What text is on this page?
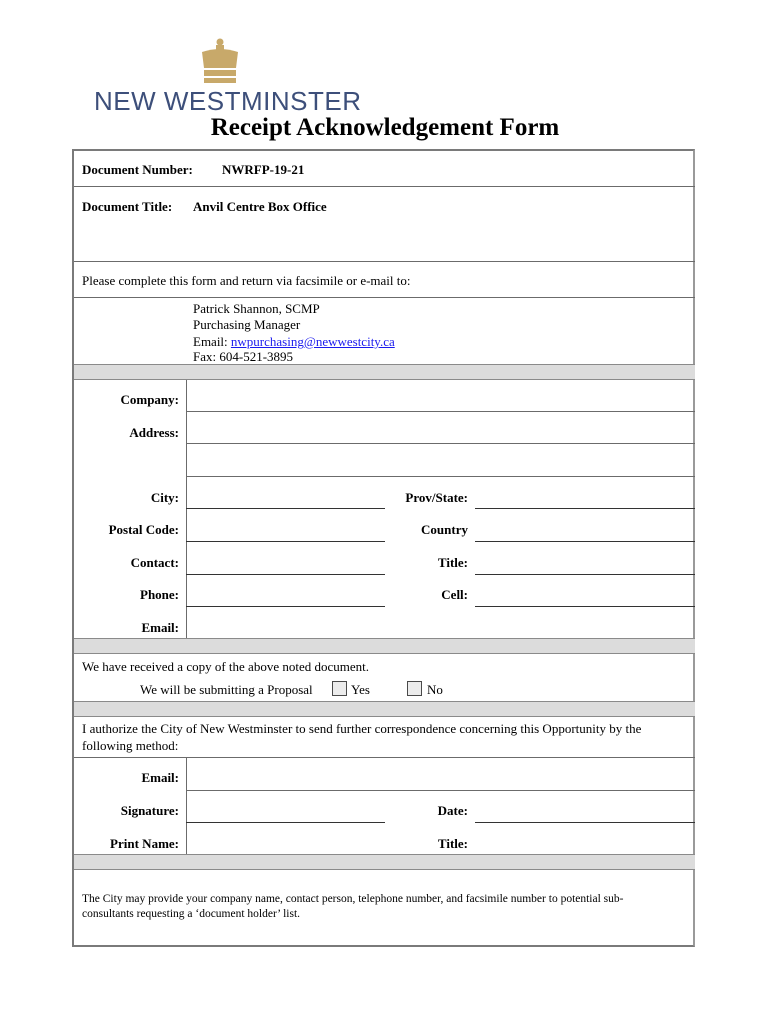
NEW WESTMINSTER
Receipt Acknowledgement Form
Document Number: NWRFP-19-21
Document Title: Anvil Centre Box Office
Please complete this form and return via facsimile or e-mail to:
Patrick Shannon, SCMP
Purchasing Manager
Email: nwpurchasing@newwestcity.ca
Fax: 604-521-3895
Company:
Address:
City:	Prov/State:
Postal Code:	Country
Contact:	Title:
Phone:	Cell:
Email:
We have received a copy of the above noted document.
We will be submitting a Proposal	Yes	No
I authorize the City of New Westminster to send further correspondence concerning this Opportunity by the
following method:
Email:
Signature:	Date:
Print Name:	Title:
The City may provide your company name, contact person, telephone number, and facsimile number to potential sub-
consultants requesting a ‘document holder’ list.
